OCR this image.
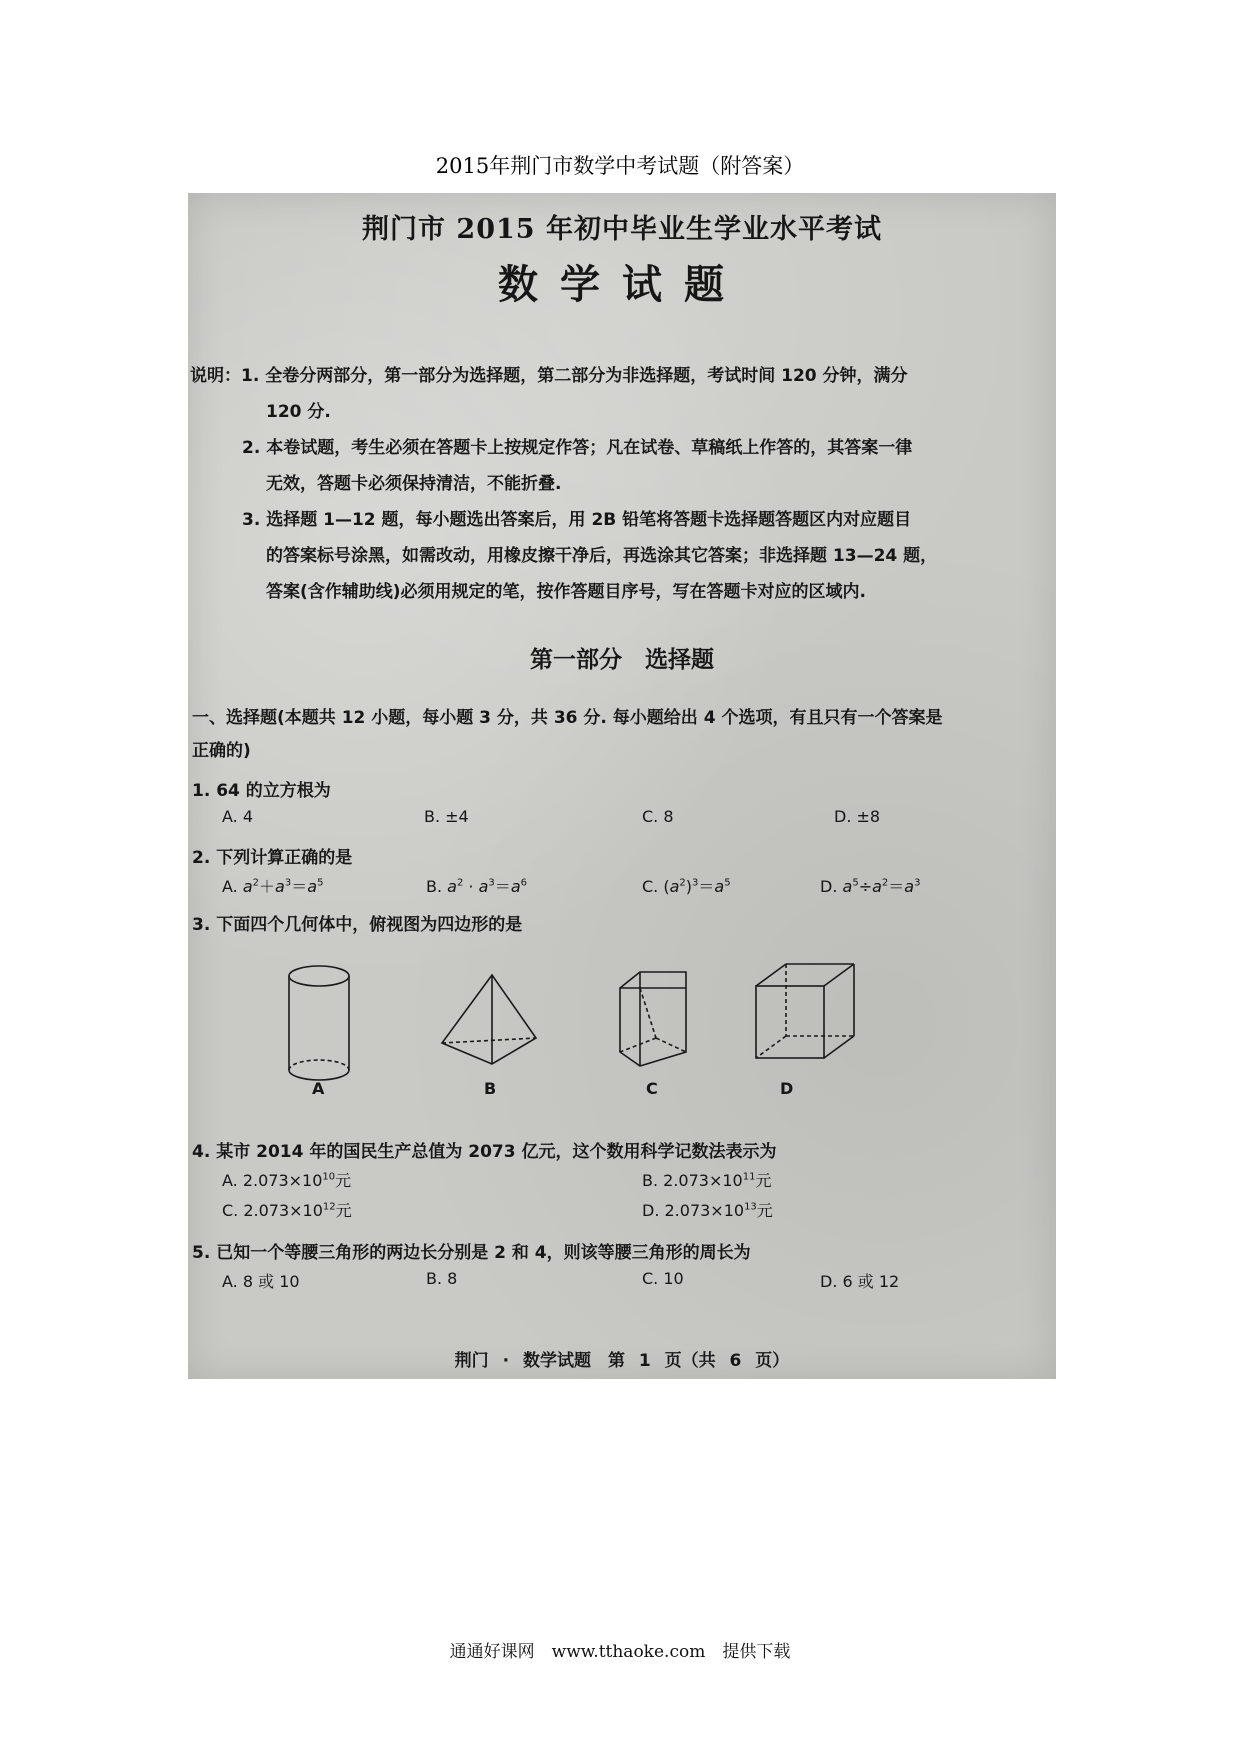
2015年荆门市数学中考试题（附答案）
荆门市 2015 年初中毕业生学业水平考试
数学试题
说明：1. 全卷分两部分，第一部分为选择题，第二部分为非选择题，考试时间 120 分钟，满分
120 分.
2. 本卷试题，考生必须在答题卡上按规定作答；凡在试卷、草稿纸上作答的，其答案一律
无效，答题卡必须保持清洁，不能折叠.
3. 选择题 1—12 题，每小题选出答案后，用 2B 铅笔将答题卡选择题答题区内对应题目
的答案标号涂黑，如需改动，用橡皮擦干净后，再选涂其它答案；非选择题 13—24 题，
答案(含作辅助线)必须用规定的笔，按作答题目序号，写在答题卡对应的区域内.
第一部分　选择题
一、选择题(本题共 12 小题，每小题 3 分，共 36 分. 每小题给出 4 个选项，有且只有一个答案是
正确的)
1. 64 的立方根为
A. 4	B. ±4	C. 8	D. ±8
2. 下列计算正确的是
A. $a^2+a^3=a^5$	B. $a^2 \cdot a^3=a^6$	C. $(a^2)^3=a^5$	D. $a^5\div a^2=a^3$
3. 下面四个几何体中，俯视图为四边形的是
A	B	C	D
4. 某市 2014 年的国民生产总值为 2073 亿元，这个数用科学记数法表示为
A. $2.073\times 10^{10}$元	B. $2.073\times 10^{11}$元
C. $2.073\times 10^{12}$元	D. $2.073\times 10^{13}$元
5. 已知一个等腰三角形的两边长分别是 2 和 4，则该等腰三角形的周长为
A. 8 或 10	B. 8	C. 10	D. 6 或 12
荆门 · 数学试题　第 1 页（共 6 页）
通通好课网　www.tthaoke.com　提供下载
